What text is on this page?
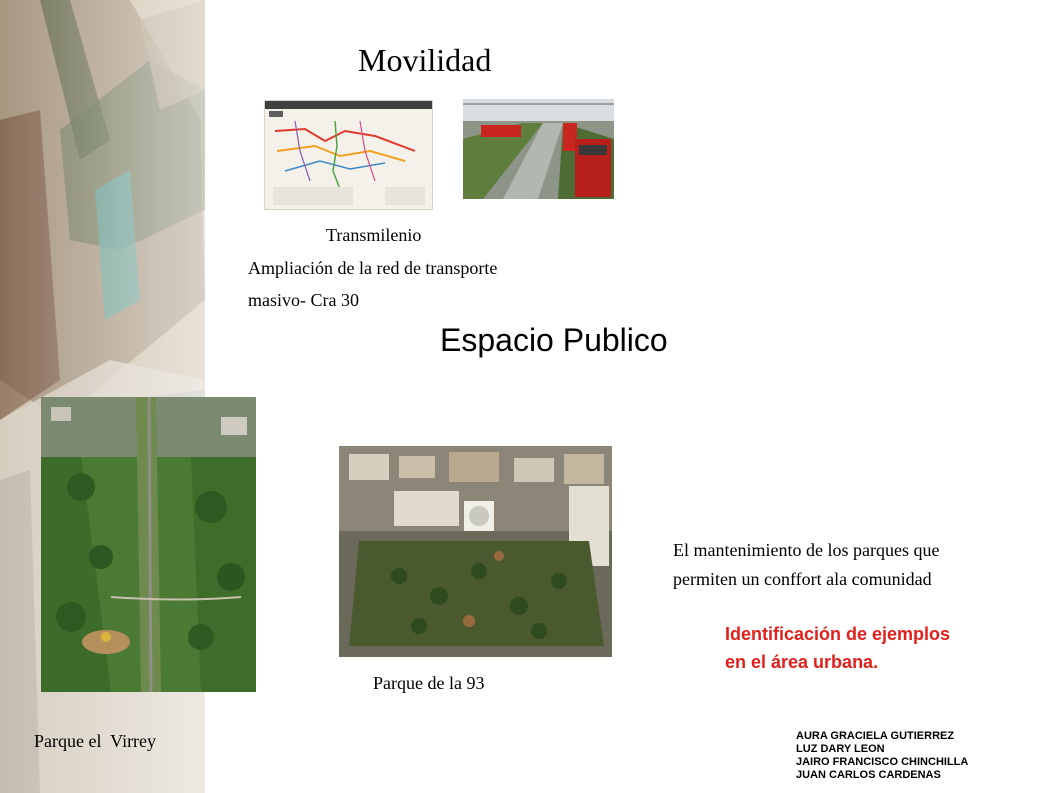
Movilidad
Transmilenio
Ampliación de la red de transporte
masivo- Cra 30
Espacio Publico
Parque de la 93
Parque el  Virrey
El mantenimiento de los parques que
permiten un conffort ala comunidad
Identificación de ejemplos
en el área urbana.
AURA GRACIELA GUTIERREZ
LUZ DARY LEON
JAIRO FRANCISCO CHINCHILLA
JUAN CARLOS CARDENAS
